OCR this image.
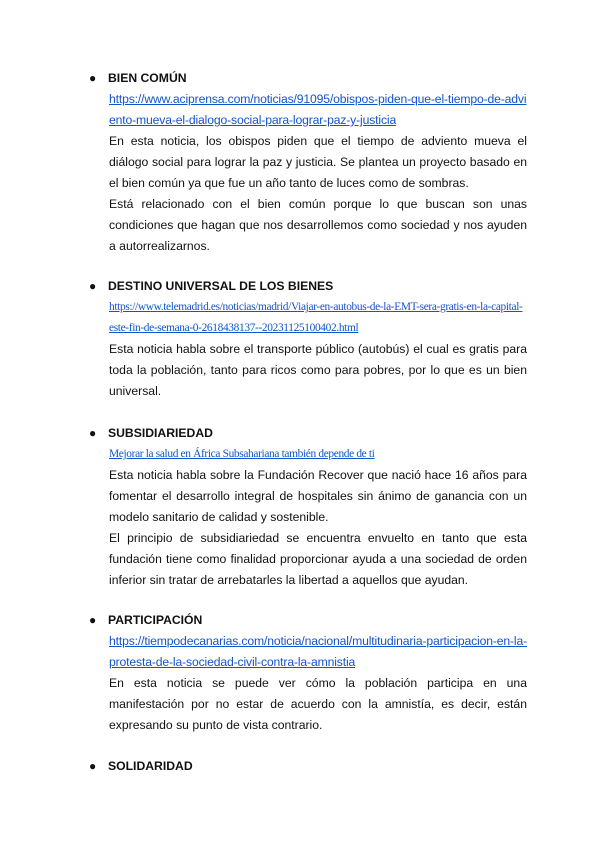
● BIEN COMÚN
https://www.aciprensa.com/noticias/91095/obispos-piden-que-el-tiempo-de-adviento-mueva-el-dialogo-social-para-lograr-paz-y-justicia

En esta noticia, los obispos piden que el tiempo de adviento mueva el diálogo social para lograr la paz y justicia. Se plantea un proyecto basado en el bien común ya que fue un año tanto de luces como de sombras.

Está relacionado con el bien común porque lo que buscan son unas condiciones que hagan que nos desarrollemos como sociedad y nos ayuden a autorrealizarnos.

● DESTINO UNIVERSAL DE LOS BIENES
https://www.telemadrid.es/noticias/madrid/Viajar-en-autobus-de-la-EMT-sera-gratis-en-la-capital-este-fin-de-semana-0-2618438137--20231125100402.html

Esta noticia habla sobre el transporte público (autobús) el cual es gratis para toda la población, tanto para ricos como para pobres, por lo que es un bien universal.

● SUBSIDIARIEDAD
Mejorar la salud en África Subsahariana también depende de ti

Esta noticia habla sobre la Fundación Recover que nació hace 16 años para fomentar el desarrollo integral de hospitales sin ánimo de ganancia con un modelo sanitario de calidad y sostenible.

El principio de subsidiariedad se encuentra envuelto en tanto que esta fundación tiene como finalidad proporcionar ayuda a una sociedad de orden inferior sin tratar de arrebatarles la libertad a aquellos que ayudan.

● PARTICIPACIÓN
https://tiempodecanarias.com/noticia/nacional/multitudinaria-participacion-en-la-protesta-de-la-sociedad-civil-contra-la-amnistia

En esta noticia se puede ver cómo la población participa en una manifestación por no estar de acuerdo con la amnistía, es decir, están expresando su punto de vista contrario.

● SOLIDARIDAD
